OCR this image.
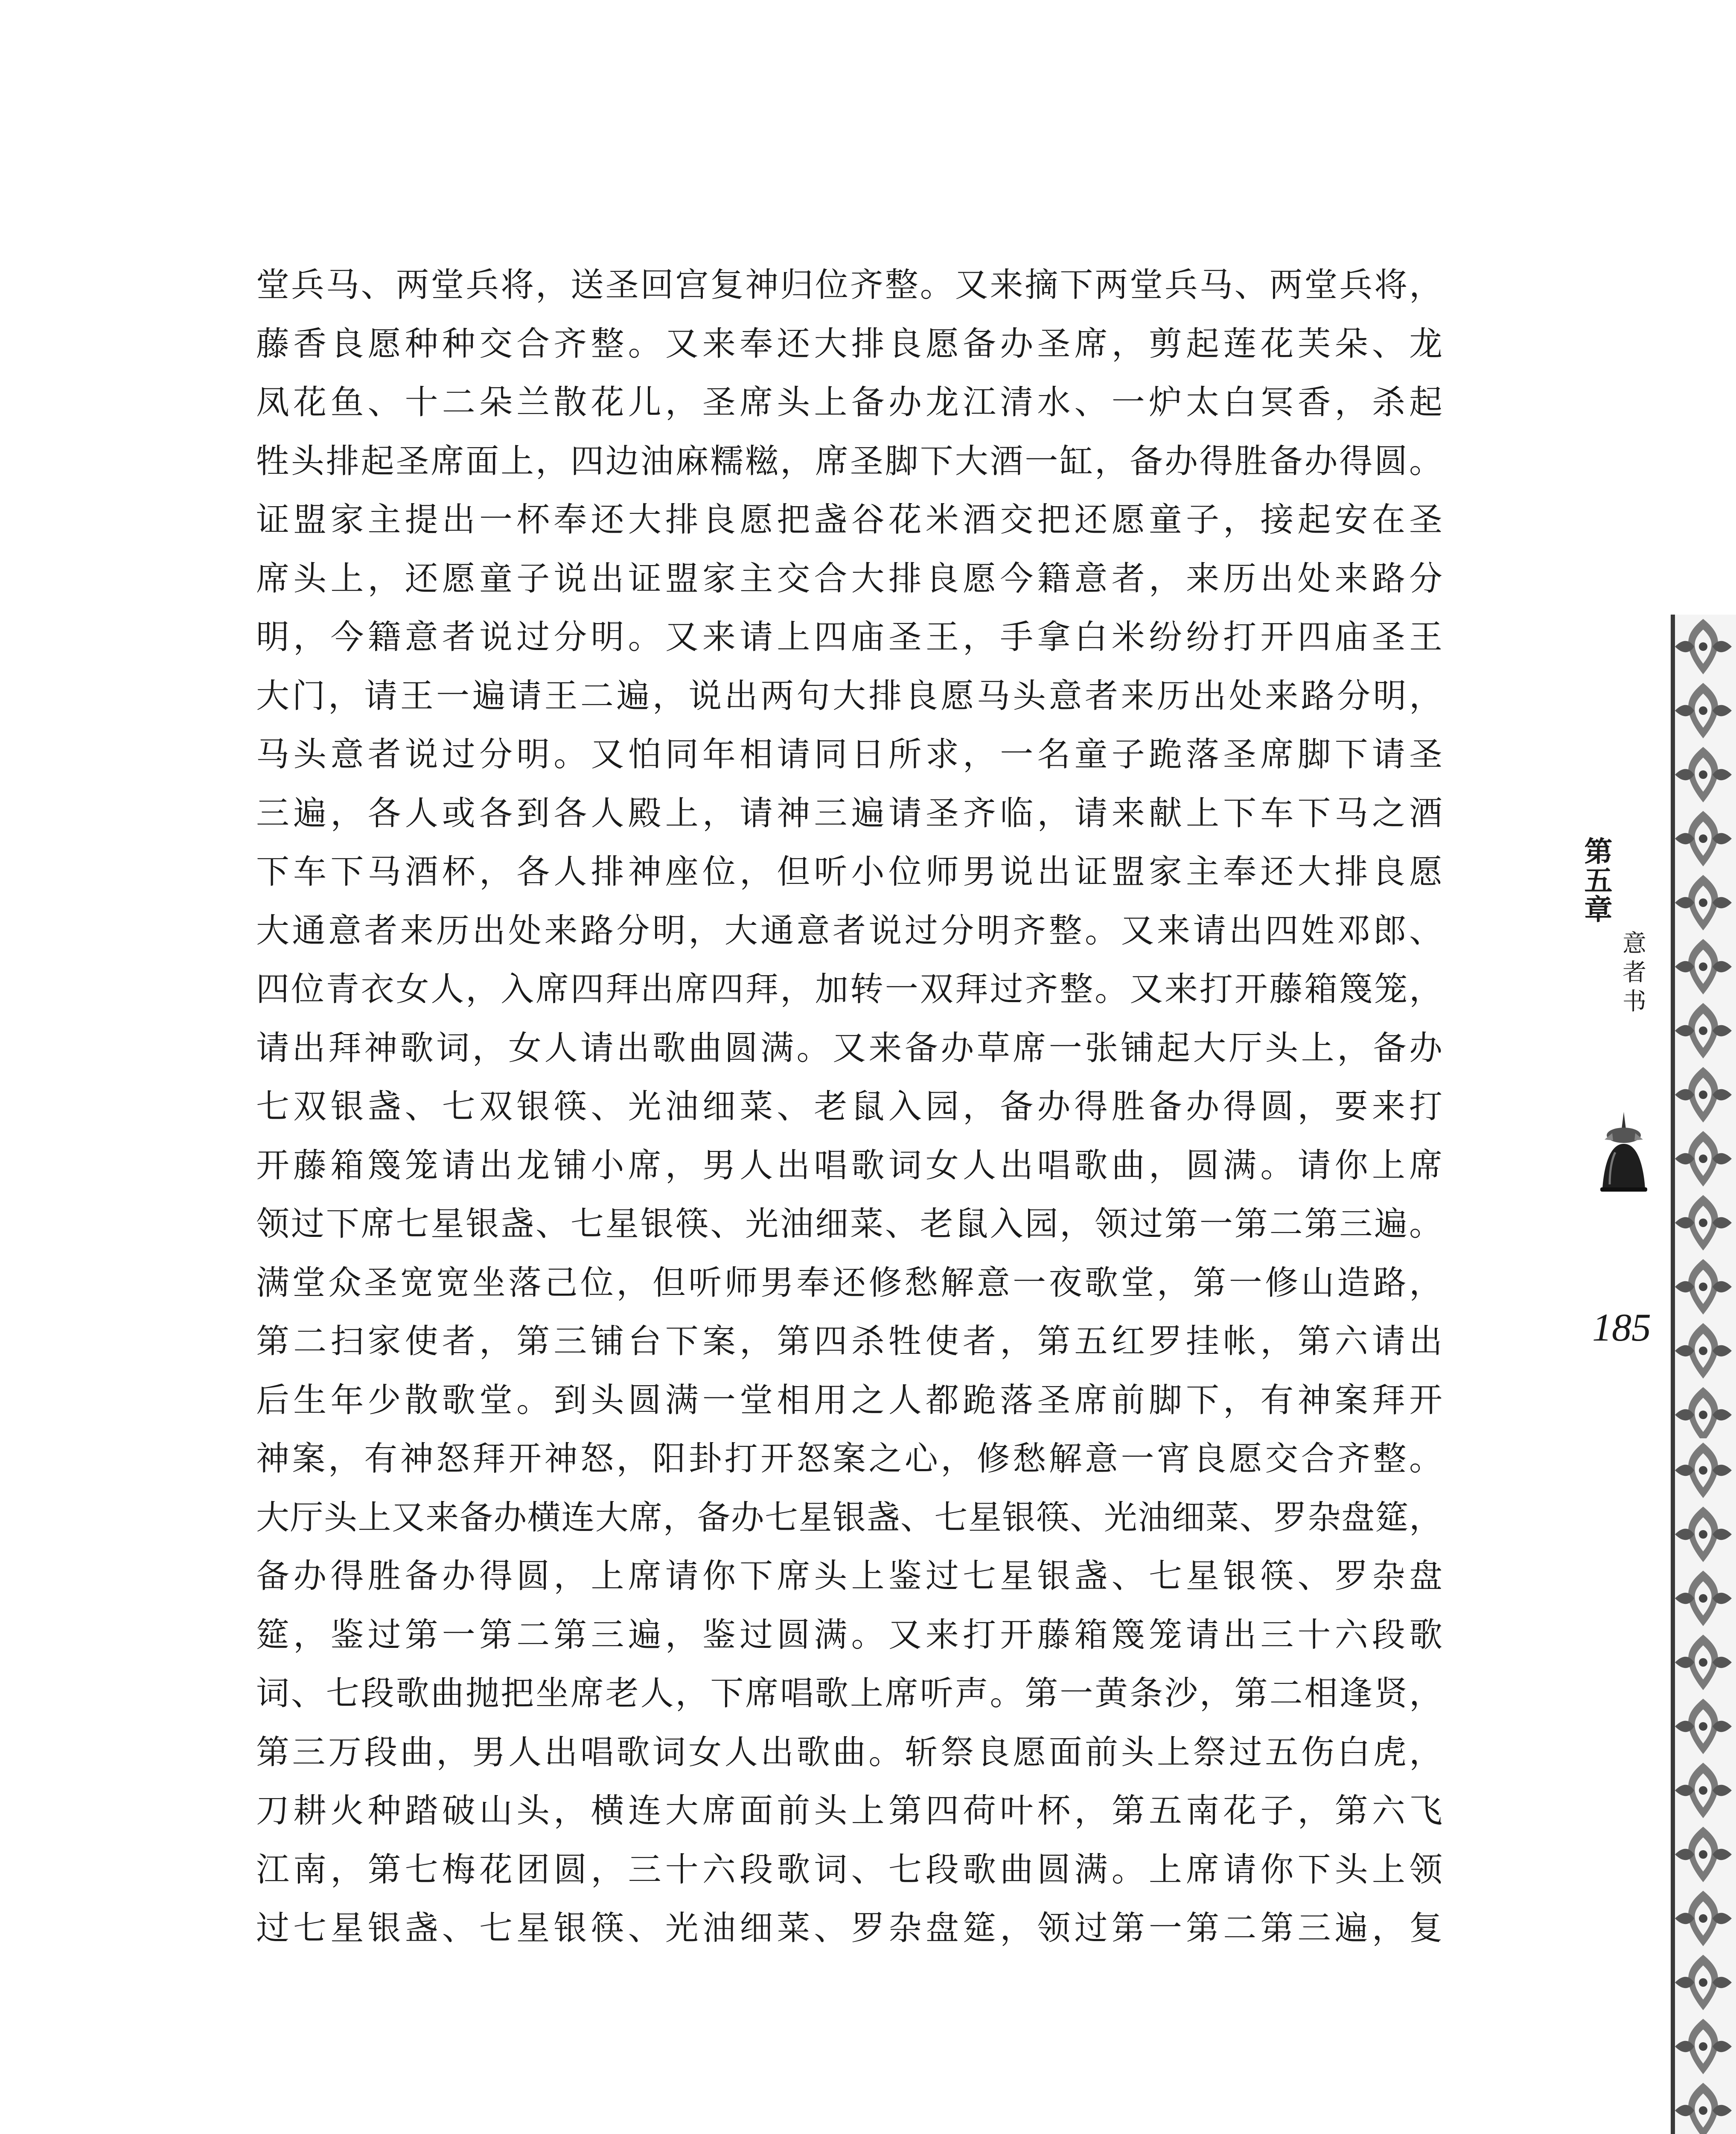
堂兵马、两堂兵将，送圣回宫复神归位齐整。又来摘下两堂兵马、两堂兵将，
藤香良愿种种交合齐整。又来奉还大排良愿备办圣席，剪起莲花芙朵、龙
凤花鱼、十二朵兰散花儿，圣席头上备办龙江清水、一炉太白冥香，杀起
牲头排起圣席面上，四边油麻糯糍，席圣脚下大酒一缸，备办得胜备办得圆。
证盟家主提出一杯奉还大排良愿把盏谷花米酒交把还愿童子，接起安在圣
席头上，还愿童子说出证盟家主交合大排良愿今籍意者，来历出处来路分
明，今籍意者说过分明。又来请上四庙圣王，手拿白米纷纷打开四庙圣王
大门，请王一遍请王二遍，说出两句大排良愿马头意者来历出处来路分明，
马头意者说过分明。又怕同年相请同日所求，一名童子跪落圣席脚下请圣
三遍，各人或各到各人殿上，请神三遍请圣齐临，请来献上下车下马之酒
下车下马酒杯，各人排神座位，但听小位师男说出证盟家主奉还大排良愿
大通意者来历出处来路分明，大通意者说过分明齐整。又来请出四姓邓郎、
四位青衣女人，入席四拜出席四拜，加转一双拜过齐整。又来打开藤箱篾笼，
请出拜神歌词，女人请出歌曲圆满。又来备办草席一张铺起大厅头上，备办
七双银盏、七双银筷、光油细菜、老鼠入园，备办得胜备办得圆，要来打
开藤箱篾笼请出龙铺小席，男人出唱歌词女人出唱歌曲，圆满。请你上席
领过下席七星银盏、七星银筷、光油细菜、老鼠入园，领过第一第二第三遍。
满堂众圣宽宽坐落己位，但听师男奉还修愁解意一夜歌堂，第一修山造路，
第二扫家使者，第三铺台下案，第四杀牲使者，第五红罗挂帐，第六请出
后生年少散歌堂。到头圆满一堂相用之人都跪落圣席前脚下，有神案拜开
神案，有神怒拜开神怒，阳卦打开怒案之心，修愁解意一宵良愿交合齐整。
大厅头上又来备办横连大席，备办七星银盏、七星银筷、光油细菜、罗杂盘筵，
备办得胜备办得圆，上席请你下席头上鉴过七星银盏、七星银筷、罗杂盘
筵，鉴过第一第二第三遍，鉴过圆满。又来打开藤箱篾笼请出三十六段歌
词、七段歌曲抛把坐席老人，下席唱歌上席听声。第一黄条沙，第二相逢贤，
第三万段曲，男人出唱歌词女人出歌曲。斩祭良愿面前头上祭过五伤白虎，
刀耕火种踏破山头，横连大席面前头上第四荷叶杯，第五南花子，第六飞
江南，第七梅花团圆，三十六段歌词、七段歌曲圆满。上席请你下头上领
过七星银盏、七星银筷、光油细菜、罗杂盘筵，领过第一第二第三遍，复
第五章
意者书
185
